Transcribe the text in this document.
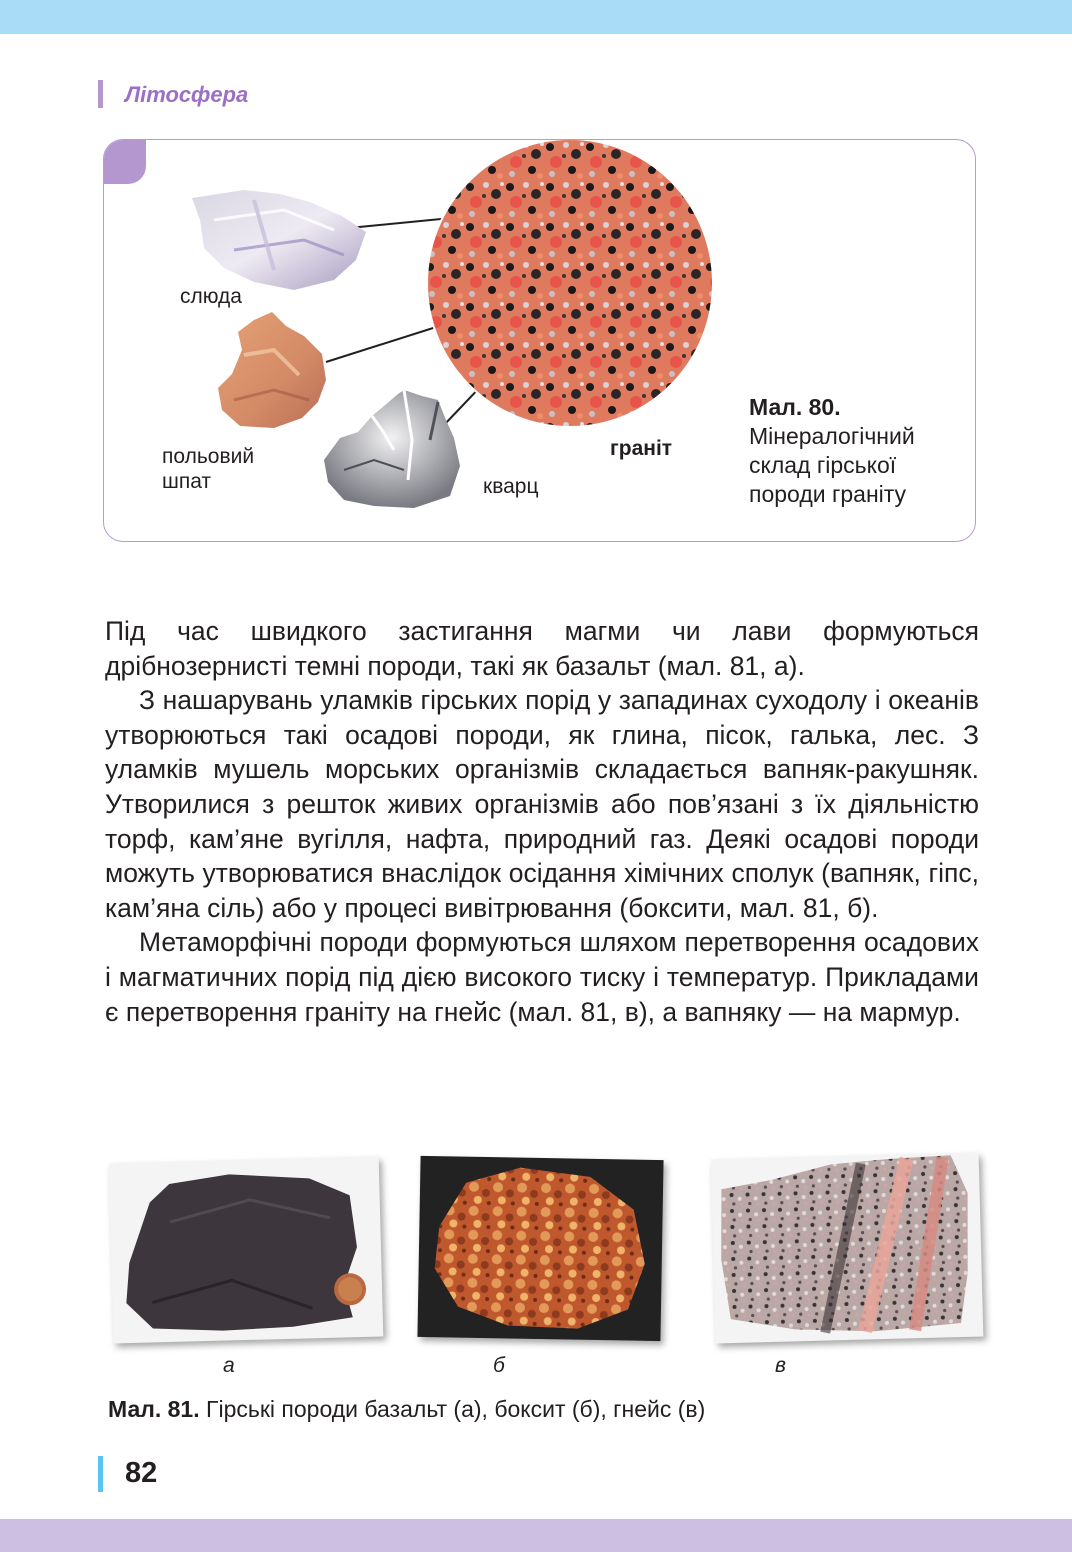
Літосфера
слюда
польовий
шпат	кварц
граніт
Мал. 80.
Мінералогічний
склад гірської
породи граніту

Під час швидкого застигання магми чи лави формуються дрібнозернисті темні породи, такі як базальт (мал. 81, а).

З нашарувань уламків гірських порід у западинах суходолу і океанів утворюються такі осадові породи, як глина, пісок, галька, лес. З уламків мушель морських організмів складається вапняк-ракушняк. Утворилися з решток живих організмів або пов’язані з їх діяльністю торф, кам’яне вугілля, нафта, природний газ. Деякі осадові породи можуть утворюватися внаслідок осідання хімічних сполук (вапняк, гіпс, кам’яна сіль) або у процесі вивітрювання (боксити, мал. 81, б).

Метаморфічні породи формуються шляхом перетворення осадових і магматичних порід під дією високого тиску і температур. Прикладами є перетворення граніту на гнейс (мал. 81, в), а вапняку — на мармур.

а	б	в
Мал. 81. Гірські породи базальт (а), боксит (б), гнейс (в)
82
